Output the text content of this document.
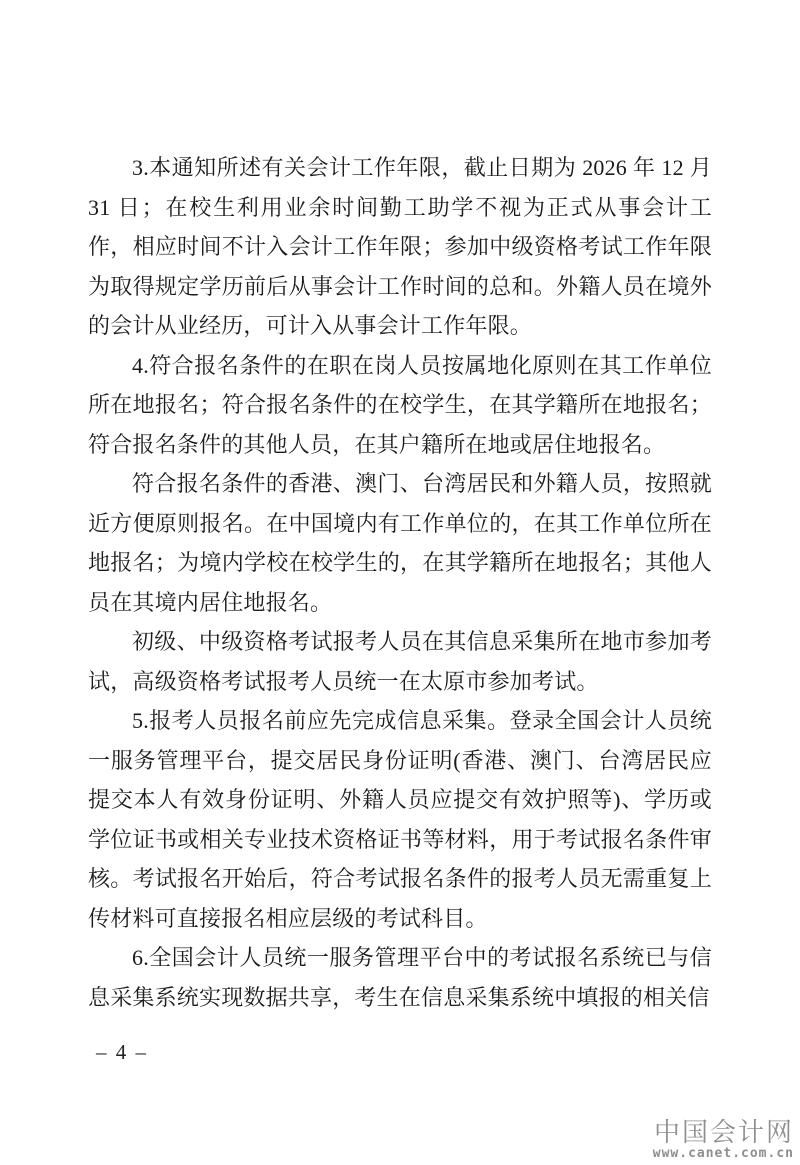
3.本通知所述有关会计工作年限，截止日期为 2026 年 12 月 31 日；在校生利用业余时间勤工助学不视为正式从事会计工作，相应时间不计入会计工作年限；参加中级资格考试工作年限为取得规定学历前后从事会计工作时间的总和。外籍人员在境外的会计从业经历，可计入从事会计工作年限。

4.符合报名条件的在职在岗人员按属地化原则在其工作单位所在地报名；符合报名条件的在校学生，在其学籍所在地报名；符合报名条件的其他人员，在其户籍所在地或居住地报名。

符合报名条件的香港、澳门、台湾居民和外籍人员，按照就近方便原则报名。在中国境内有工作单位的，在其工作单位所在地报名；为境内学校在校学生的，在其学籍所在地报名；其他人员在其境内居住地报名。

初级、中级资格考试报考人员在其信息采集所在地市参加考试，高级资格考试报考人员统一在太原市参加考试。

5.报考人员报名前应先完成信息采集。登录全国会计人员统一服务管理平台，提交居民身份证明(香港、澳门、台湾居民应提交本人有效身份证明、外籍人员应提交有效护照等)、学历或学位证书或相关专业技术资格证书等材料，用于考试报名条件审核。考试报名开始后，符合考试报名条件的报考人员无需重复上传材料可直接报名相应层级的考试科目。

6.全国会计人员统一服务管理平台中的考试报名系统已与信息采集系统实现数据共享，考生在信息采集系统中填报的相关信

– 4 –
中国会计网
www.canet.com.cn
